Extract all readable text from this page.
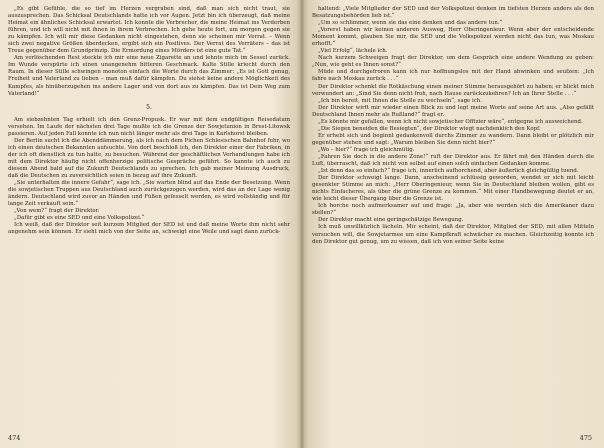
„Es gibt Gefühle, die so tief im Herzen vergraben sind, daß man sich nicht traut, sie auszusprechen. Das Schicksal Deutschlands hatte ich vor Augen. Jetzt bin ich überzeugt, daß meine Heimat ein ähnliches Schicksal erwartet. Ich konnte die Verbrecher, die meine Heimat ins Verderben führen, und ich will nicht mit ihnen in ihrem Verbrechen. Ich gehe heute fort, um morgen gegen sie zu kämpfen. Ich will mir diese Gedanken nicht eingestehen, denn sie scheinen mir Verrat. – Wenn sich zwei negative Größen überdecken, ergibt sich ein Positives. Der Verrat des Verräters – das ist Treue gegenüber dem Grundprinzip. Die Ermordung eines Mörders ist eine gute Tat.“

Am verlöschenden Rest steckte ich mir eine neue Zigarette an und lehnte mich im Sessel zurück. Im Wunde verspürte ich einen unangenehm bitteren Geschmack. Kalte Stille kriecht durch den Raum. In dieser Stille schwingen monoton einfach die Worte durch das Zimmer: „Es ist Gott genug, Freiheit und Vaterland zu lieben – man muß dafür kämpfen. Du siehst keine andere Möglichkeit des Kampfes, als hinüberzugehen ins andere Lager und von dort aus zu kämpfen. Das ist Dein Weg zum Vaterland!“

5.

Am siebzehnten Tag erhielt ich den Grenz-Propusk. Er war mit dem endgültigen Reisedatum versehen. Im Laufe der nächsten drei Tage mußte ich die Grenze der Sowjetunion in Brest-Litowsk passieren. Auf jeden Fall konnte ich nun nicht länger mehr als drei Tage in Karlshorst bleiben.

Der Berlin sucht ich die Abenddämmerung, als ich nach dem Pichen Schlesischen Bahnhof fuhr, wo ich einen deutschen Bekannten aufsuchte. Von dort beschloß ich, den Direktor einer der Fabriken, in der ich oft dienstlich zu tun hatte, zu besuchen. Während der geschäftlichen Verhandlungen habe ich mit dem Direktor häufig nicht offenherzige politische Gespräche geführt. So kannte ich auch zu diesem Abend bald auf die Zukunft Deutschlands zu sprechen. Ich gab meiner Meinung Ausdruck, daß die Deutschen zu zuversichtlich seien in bezug auf ihre Zukunft.

„Sie unterhalten die innere Gefahr“, sage ich. „Sie warten blind auf das Ende der Besetzung. Wenn die sowjetischen Truppen aus Deutschland auch zurückgezogen werden, wird das an der Lage wenig ändern. Deutschland wird zuvor an Händen und Füßen gefesselt werden, es wird vollständig und für lange Zeit verkauft sein.“

„Von wem?“ fragt der Direktor.

„Dafür gibt es eine SED und eine Volkspolizei.“

Ich weiß, daß der Direktor seit kurzem Mitglied der SED ist und daß meine Worte ihm nicht sehr angenehm sein können. Er sieht mich von der Seite an, schweigt eine Weile und sagt dann zurück-

474

haltend: „Viele Mitglieder der SED und der Volkspolizei denken im tiefsten Herzen anders als den Besatzungsbehörden lieb ist.“

„Um so schlimmer, wenn sie das eine denken und das andere tun.“

„Vorerst haben wir keinen anderen Ausweg, Herr Oberingenieur. Wenn aber der entscheidende Moment kommt, glauben Sie mir, die SED und die Volkspolizei werden nicht das tun, was Moskau erhofft.“

„Viel Erfolg“, lächele ich.

Nach kurzem Schweigen fragt der Direktor, um dem Gespräch eine andere Wendung zu geben: „Nun, wie geht es Ihnen sonst?“

Müde und durchgefroren kann ich nur hoffnungslos mit der Hand abwinken und seufzen: „Ich fahre nach Moskau zurück . . .“

Der Direktor schenkt die Rotkäschung einen meiner Stimme herausgehört zu haben; er blickt mich verwundert an: „Sind Sie denn nicht froh, nach Hause zurückzukehren? Ich an Ihrer Stelle . . .“

„Ich bin bereit, mit Ihnen die Stelle zu wechseln“, sage ich.

Der Direktor wirft mir wieder einen Blick zu und legt meine Worte auf seine Art aus. „Also gefällt Deutschland Ihnen mehr als Rußland?“ fragt er.

„Es könnte mir gefallen, wenn ich nicht sowjetischer Offizier wäre“, entgegne ich ausweichend.

„Die Siegen beneiden die Besiegten“, der Direktor wiegt nachdenklich den Kopf.

Er erhebt sich und beginnt gedankenvoll durchs Zimmer zu wandern. Dann bleibt er plötzlich mir gegenüber stehen und sagt: „Warum bleiben Sie denn nicht hier?“

„Wo – hier?“ frage ich gleichmütig.

„Fahren Sie doch in die andere Zone!“ ruft der Direktor aus. Er fährt mit den Händen durch die Luft, überrascht, daß ich nicht von selbst auf einen solch einfachen Gedanken komme.

„Ist denn das so einfach?“ frage ich, innerlich aufhorchend, aber äußerlich gleichgültig tuend.

Der Direktor schweigt lange. Dann, anscheinend schlüssig geworden, wendet er sich mit leicht gesenkter Stimme an mich: „Herr Oberingenieur, wenn Sie in Deutschland bleiben wollen, gibt es nichts Einfacheres, als über die grüne Grenze zu kommen.“ Mit einer Handbewegung deutet er an, wie leicht dieser Übergang über die Grenze ist.

Ich horche noch aufmerksamer auf und frage: „Ja, aber wie werden sich die Amerikaner dazu stellen?“

Der Direktor macht eine geringschätzige Bewegung.

Ich muß unwillkürlich lächeln. Mir scheint, daß der Direktor, Mitglied der SED, mit allen Mitteln versuchen will, die Sowjetarmee um eine Kampfkraft schwächer zu machen. Gleichzeitig konnte ich den Direktor gut genug, um zu wissen, daß ich von seiner Seite keine

475
